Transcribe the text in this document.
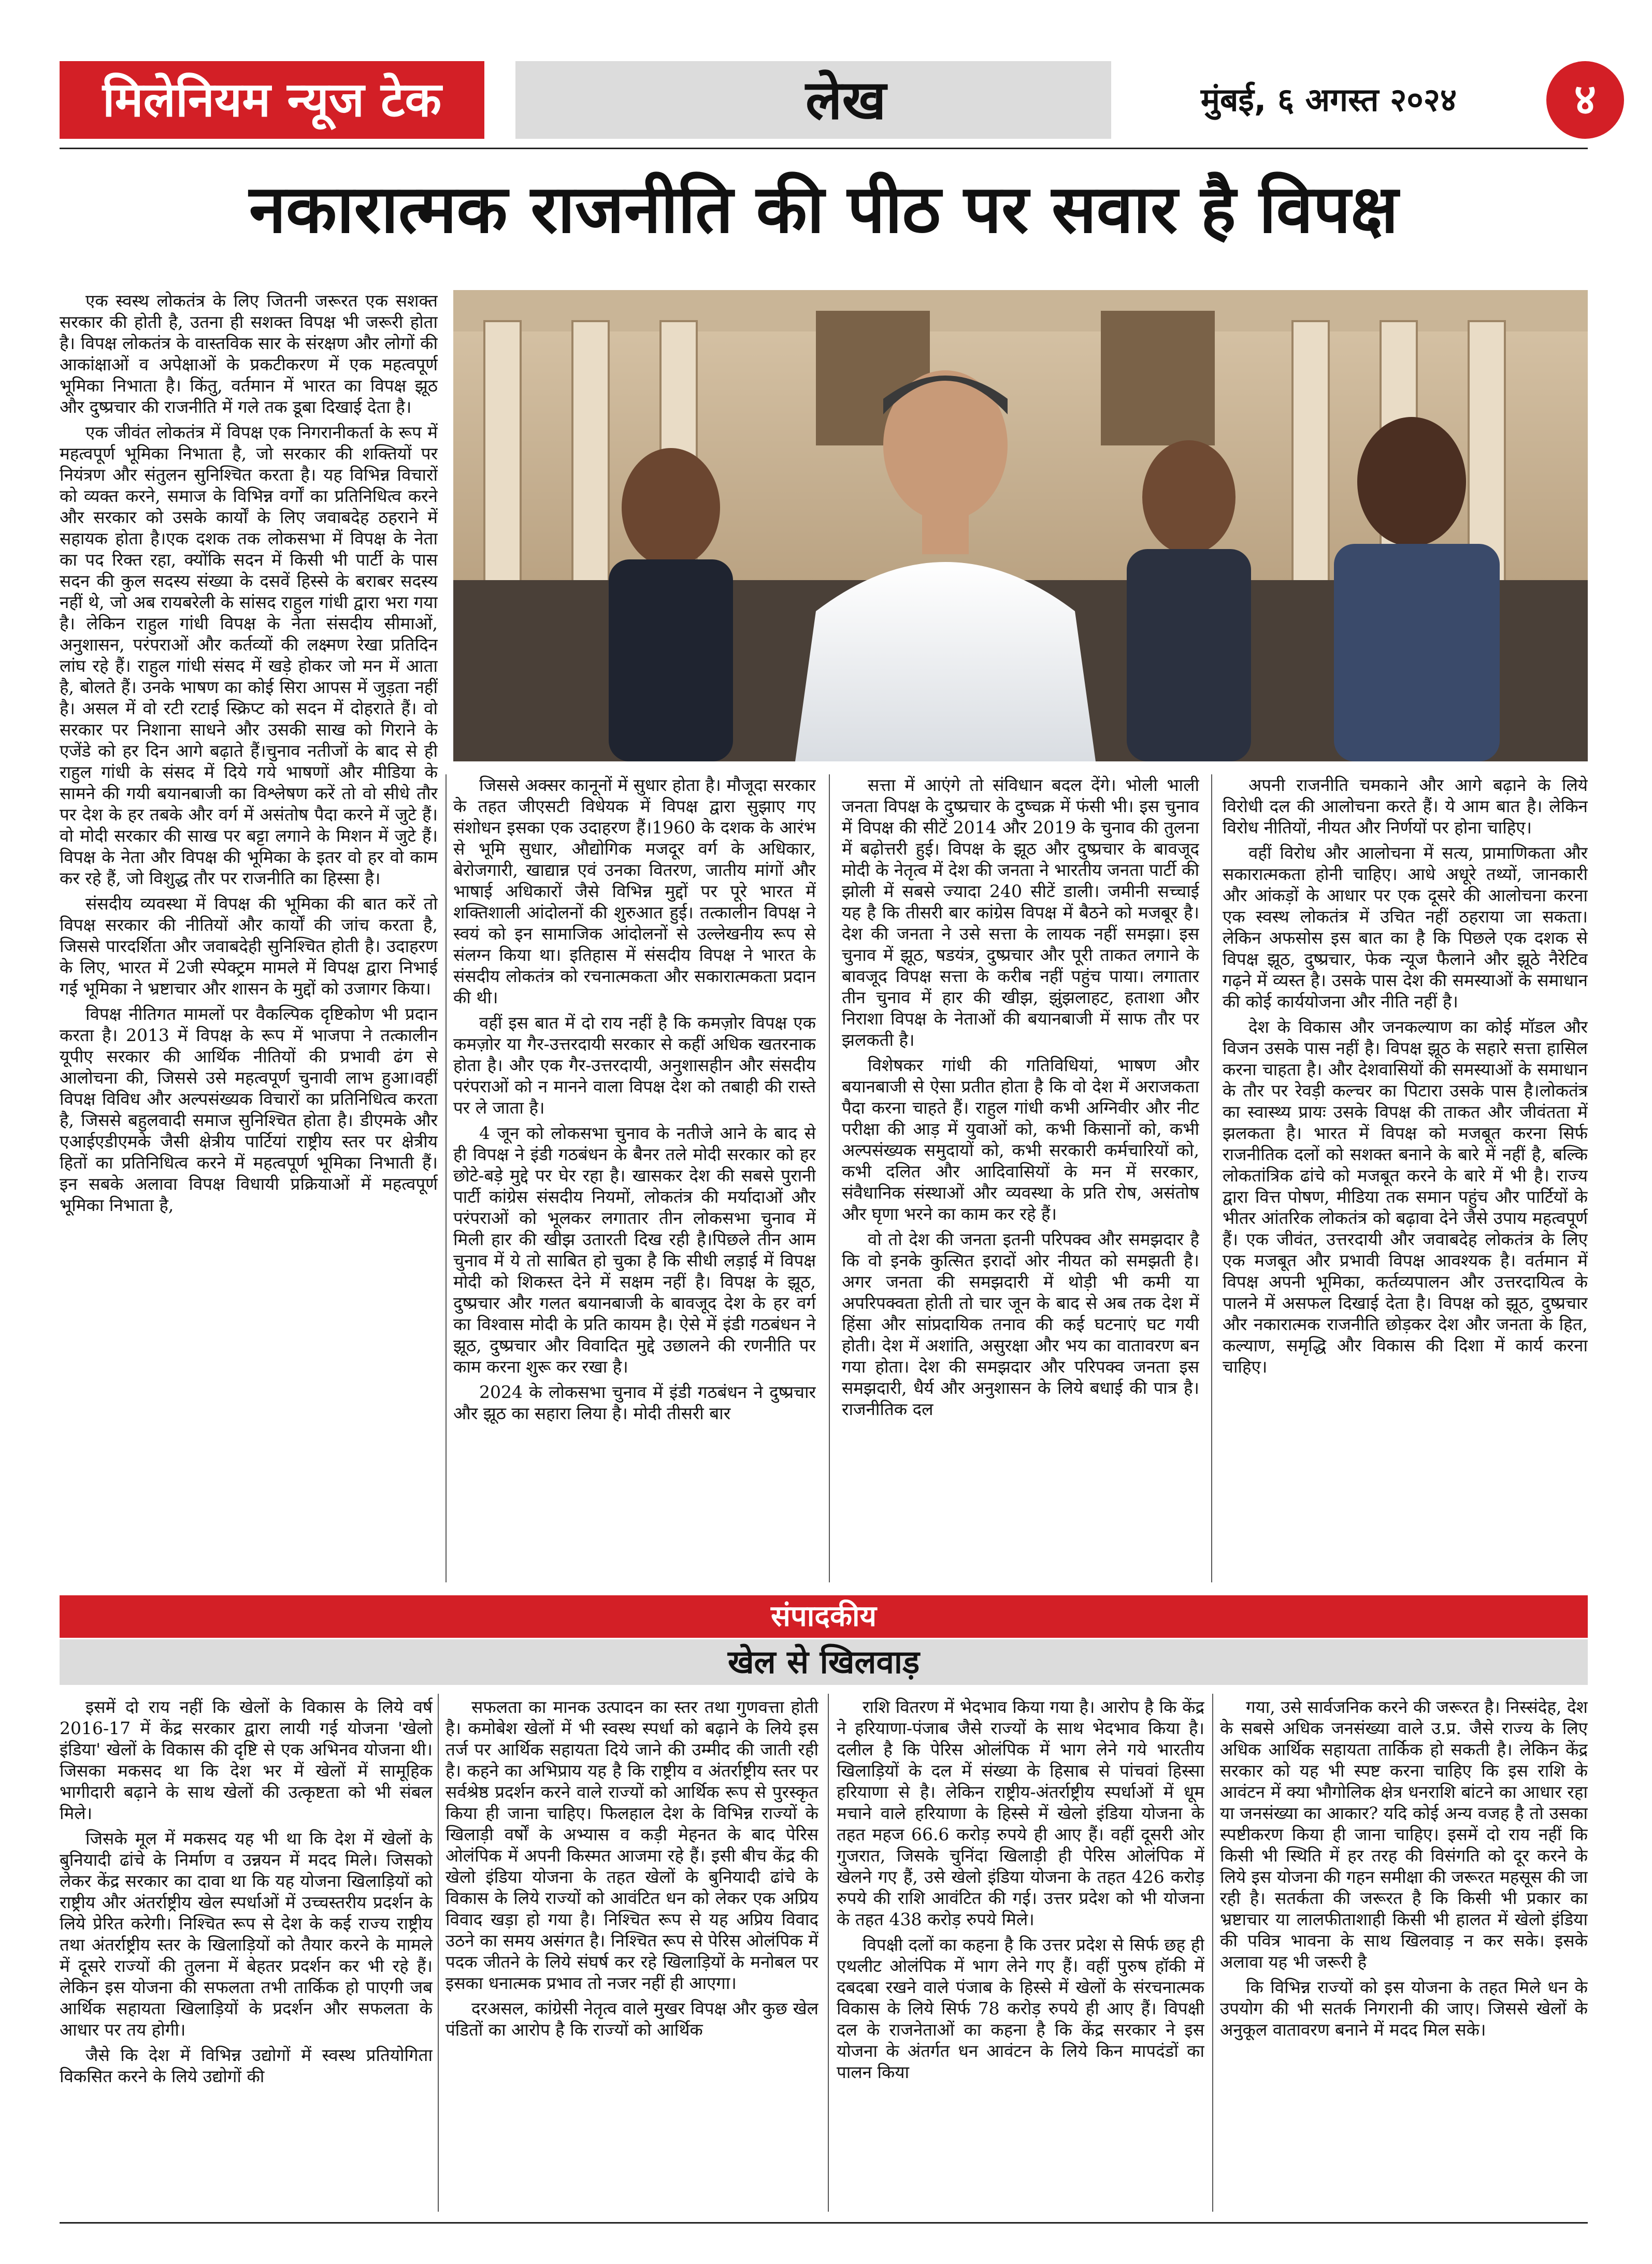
मिलेनियम न्यूज टेक	लेख	मुंबई, ६ अगस्त २०२४	४
नकारात्मक राजनीति की पीठ पर सवार है विपक्ष

एक स्वस्थ लोकतंत्र के लिए जितनी जरूरत एक सशक्त सरकार की होती है, उतना ही सशक्त विपक्ष भी जरूरी होता है। विपक्ष लोकतंत्र के वास्तविक सार के संरक्षण और लोगों की आकांक्षाओं व अपेक्षाओं के प्रकटीकरण में एक महत्वपूर्ण भूमिका निभाता है। किंतु, वर्तमान में भारत का विपक्ष झूठ और दुष्प्रचार की राजनीति में गले तक डूबा दिखाई देता है।

एक जीवंत लोकतंत्र में विपक्ष एक निगरानीकर्ता के रूप में महत्वपूर्ण भूमिका निभाता है, जो सरकार की शक्तियों पर नियंत्रण और संतुलन सुनिश्चित करता है। यह विभिन्न विचारों को व्यक्त करने, समाज के विभिन्न वर्गों का प्रतिनिधित्व करने और सरकार को उसके कार्यों के लिए जवाबदेह ठहराने में सहायक होता है।एक दशक तक लोकसभा में विपक्ष के नेता का पद रिक्त रहा, क्योंकि सदन में किसी भी पार्टी के पास सदन की कुल सदस्य संख्या के दसवें हिस्से के बराबर सदस्य नहीं थे, जो अब रायबरेली के सांसद राहुल गांधी द्वारा भरा गया है। लेकिन राहुल गांधी विपक्ष के नेता संसदीय सीमाओं, अनुशासन, परंपराओं और कर्तव्यों की लक्ष्मण रेखा प्रतिदिन लांघ रहे हैं। राहुल गांधी संसद में खड़े होकर जो मन में आता है, बोलते हैं। उनके भाषण का कोई सिरा आपस में जुड़ता नहीं है। असल में वो रटी रटाई स्क्रिप्ट को सदन में दोहराते हैं। वो सरकार पर निशाना साधने और उसकी साख को गिराने के एजेंडे को हर दिन आगे बढ़ाते हैं।चुनाव नतीजों के बाद से ही राहुल गांधी के संसद में दिये गये भाषणों और मीडिया के सामने की गयी बयानबाजी का विश्लेषण करें तो वो सीधे तौर पर देश के हर तबके और वर्ग में असंतोष पैदा करने में जुटे हैं। वो मोदी सरकार की साख पर बट्टा लगाने के मिशन में जुटे हैं। विपक्ष के नेता और विपक्ष की भूमिका के इतर वो हर वो काम कर रहे हैं, जो विशुद्ध तौर पर राजनीति का हिस्सा है।

संसदीय व्यवस्था में विपक्ष की भूमिका की बात करें तो विपक्ष सरकार की नीतियों और कार्यों की जांच करता है, जिससे पारदर्शिता और जवाबदेही सुनिश्चित होती है। उदाहरण के लिए, भारत में 2जी स्पेक्ट्रम मामले में विपक्ष द्वारा निभाई गई भूमिका ने भ्रष्टाचार और शासन के मुद्दों को उजागर किया।

विपक्ष नीतिगत मामलों पर वैकल्पिक दृष्टिकोण भी प्रदान करता है। 2013 में विपक्ष के रूप में भाजपा ने तत्कालीन यूपीए सरकार की आर्थिक नीतियों की प्रभावी ढंग से आलोचना की, जिससे उसे महत्वपूर्ण चुनावी लाभ हुआ।वहीं विपक्ष विविध और अल्पसंख्यक विचारों का प्रतिनिधित्व करता है, जिससे बहुलवादी समाज सुनिश्चित होता है। डीएमके और एआईएडीएमके जैसी क्षेत्रीय पार्टियां राष्ट्रीय स्तर पर क्षेत्रीय हितों का प्रतिनिधित्व करने में महत्वपूर्ण भूमिका निभाती हैं। इन सबके अलावा विपक्ष विधायी प्रक्रियाओं में महत्वपूर्ण भूमिका निभाता है,

जिससे अक्सर कानूनों में सुधार होता है। मौजूदा सरकार के तहत जीएसटी विधेयक में विपक्ष द्वारा सुझाए गए संशोधन इसका एक उदाहरण हैं।1960 के दशक के आरंभ से भूमि सुधार, औद्योगिक मजदूर वर्ग के अधिकार, बेरोजगारी, खाद्यान्न एवं उनका वितरण, जातीय मांगों और भाषाई अधिकारों जैसे विभिन्न मुद्दों पर पूरे भारत में शक्तिशाली आंदोलनों की शुरुआत हुई। तत्कालीन विपक्ष ने स्वयं को इन सामाजिक आंदोलनों से उल्लेखनीय रूप से संलग्न किया था। इतिहास में संसदीय विपक्ष ने भारत के संसदीय लोकतंत्र को रचनात्मकता और सकारात्मकता प्रदान की थी।

वहीं इस बात में दो राय नहीं है कि कमज़ोर विपक्ष एक कमज़ोर या गैर-उत्तरदायी सरकार से कहीं अधिक खतरनाक होता है। और एक गैर-उत्तरदायी, अनुशासहीन और संसदीय परंपराओं को न मानने वाला विपक्ष देश को तबाही की रास्ते पर ले जाता है।

4 जून को लोकसभा चुनाव के नतीजे आने के बाद से ही विपक्ष ने इंडी गठबंधन के बैनर तले मोदी सरकार को हर छोटे-बड़े मुद्दे पर घेर रहा है। खासकर देश की सबसे पुरानी पार्टी कांग्रेस संसदीय नियमों, लोकतंत्र की मर्यादाओं और परंपराओं को भूलकर लगातार तीन लोकसभा चुनाव में मिली हार की खीझ उतारती दिख रही है।पिछले तीन आम चुनाव में ये तो साबित हो चुका है कि सीधी लड़ाई में विपक्ष मोदी को शिकस्त देने में सक्षम नहीं है। विपक्ष के झूठ, दुष्प्रचार और गलत बयानबाजी के बावजूद देश के हर वर्ग का विश्वास मोदी के प्रति कायम है। ऐसे में इंडी गठबंधन ने झूठ, दुष्प्रचार और विवादित मुद्दे उछालने की रणनीति पर काम करना शुरू कर रखा है।

2024 के लोकसभा चुनाव में इंडी गठबंधन ने दुष्प्रचार और झूठ का सहारा लिया है। मोदी तीसरी बार

सत्ता में आएंगे तो संविधान बदल देंगे। भोली भाली जनता विपक्ष के दुष्प्रचार के दुष्चक्र में फंसी भी। इस चुनाव में विपक्ष की सीटें 2014 और 2019 के चुनाव की तुलना में बढ़ोत्तरी हुई। विपक्ष के झूठ और दुष्प्रचार के बावजूद मोदी के नेतृत्व में देश की जनता ने भारतीय जनता पार्टी की झोली में सबसे ज्यादा 240 सीटें डाली। जमीनी सच्चाई यह है कि तीसरी बार कांग्रेस विपक्ष में बैठने को मजबूर है। देश की जनता ने उसे सत्ता के लायक नहीं समझा। इस चुनाव में झूठ, षडयंत्र, दुष्प्रचार और पूरी ताकत लगाने के बावजूद विपक्ष सत्ता के करीब नहीं पहुंच पाया। लगातार तीन चुनाव में हार की खीझ, झुंझलाहट, हताशा और निराशा विपक्ष के नेताओं की बयानबाजी में साफ तौर पर झलकती है।

विशेषकर गांधी की गतिविधियां, भाषण और बयानबाजी से ऐसा प्रतीत होता है कि वो देश में अराजकता पैदा करना चाहते हैं। राहुल गांधी कभी अग्निवीर और नीट परीक्षा की आड़ में युवाओं को, कभी किसानों को, कभी अल्पसंख्यक समुदायों को, कभी सरकारी कर्मचारियों को, कभी दलित और आदिवासियों के मन में सरकार, संवैधानिक संस्थाओं और व्यवस्था के प्रति रोष, असंतोष और घृणा भरने का काम कर रहे हैं।

वो तो देश की जनता इतनी परिपक्व और समझदार है कि वो इनके कुत्सित इरादों ओर नीयत को समझती है। अगर जनता की समझदारी में थोड़ी भी कमी या अपरिपक्वता होती तो चार जून के बाद से अब तक देश में हिंसा और सांप्रदायिक तनाव की कई घटनाएं घट गयी होती। देश में अशांति, असुरक्षा और भय का वातावरण बन गया होता। देश की समझदार और परिपक्व जनता इस समझदारी, धैर्य और अनुशासन के लिये बधाई की पात्र है।राजनीतिक दल

अपनी राजनीति चमकाने और आगे बढ़ाने के लिये विरोधी दल की आलोचना करते हैं। ये आम बात है। लेकिन विरोध नीतियों, नीयत और निर्णयों पर होना चाहिए।

वहीं विरोध और आलोचना में सत्य, प्रामाणिकता और सकारात्मकता होनी चाहिए। आधे अधूरे तथ्यों, जानकारी और आंकड़ों के आधार पर एक दूसरे की आलोचना करना एक स्वस्थ लोकतंत्र में उचित नहीं ठहराया जा सकता। लेकिन अफसोस इस बात का है कि पिछले एक दशक से विपक्ष झूठ, दुष्प्रचार, फेक न्यूज फैलाने और झूठे नैरेटिव गढ़ने में व्यस्त है। उसके पास देश की समस्याओं के समाधान की कोई कार्ययोजना और नीति नहीं है।

देश के विकास और जनकल्याण का कोई मॉडल और विजन उसके पास नहीं है। विपक्ष झूठ के सहारे सत्ता हासिल करना चाहता है। और देशवासियों की समस्याओं के समाधान के तौर पर रेवड़ी कल्चर का पिटारा उसके पास है।लोकतंत्र का स्वास्थ्य प्रायः उसके विपक्ष की ताकत और जीवंतता में झलकता है। भारत में विपक्ष को मजबूत करना सिर्फ राजनीतिक दलों को सशक्त बनाने के बारे में नहीं है, बल्कि लोकतांत्रिक ढांचे को मजबूत करने के बारे में भी है। राज्य द्वारा वित्त पोषण, मीडिया तक समान पहुंच और पार्टियों के भीतर आंतरिक लोकतंत्र को बढ़ावा देने जैसे उपाय महत्वपूर्ण हैं। एक जीवंत, उत्तरदायी और जवाबदेह लोकतंत्र के लिए एक मजबूत और प्रभावी विपक्ष आवश्यक है। वर्तमान में विपक्ष अपनी भूमिका, कर्तव्यपालन और उत्तरदायित्व के पालने में असफल दिखाई देता है। विपक्ष को झूठ, दुष्प्रचार और नकारात्मक राजनीति छोड़कर देश और जनता के हित, कल्याण, समृद्धि और विकास की दिशा में कार्य करना चाहिए।

संपादकीय
खेल से खिलवाड़

इसमें दो राय नहीं कि खेलों के विकास के लिये वर्ष 2016-17 में केंद्र सरकार द्वारा लायी गई योजना 'खेलो इंडिया' खेलों के विकास की दृष्टि से एक अभिनव योजना थी। जिसका मकसद था कि देश भर में खेलों में सामूहिक भागीदारी बढ़ाने के साथ खेलों की उत्कृष्टता को भी संबल मिले।

जिसके मूल में मकसद यह भी था कि देश में खेलों के बुनियादी ढांचे के निर्माण व उन्नयन में मदद मिले। जिसको लेकर केंद्र सरकार का दावा था कि यह योजना खिलाड़ियों को राष्ट्रीय और अंतर्राष्ट्रीय खेल स्पर्धाओं में उच्चस्तरीय प्रदर्शन के लिये प्रेरित करेगी। निश्चित रूप से देश के कई राज्य राष्ट्रीय तथा अंतर्राष्ट्रीय स्तर के खिलाड़ियों को तैयार करने के मामले में दूसरे राज्यों की तुलना में बेहतर प्रदर्शन कर भी रहे हैं। लेकिन इस योजना की सफलता तभी तार्किक हो पाएगी जब आर्थिक सहायता खिलाड़ियों के प्रदर्शन और सफलता के आधार पर तय होगी।

जैसे कि देश में विभिन्न उद्योगों में स्वस्थ प्रतियोगिता विकसित करने के लिये उद्योगों की

सफलता का मानक उत्पादन का स्तर तथा गुणवत्ता होती है। कमोबेश खेलों में भी स्वस्थ स्पर्धा को बढ़ाने के लिये इस तर्ज पर आर्थिक सहायता दिये जाने की उम्मीद की जाती रही है। कहने का अभिप्राय यह है कि राष्ट्रीय व अंतर्राष्ट्रीय स्तर पर सर्वश्रेष्ठ प्रदर्शन करने वाले राज्यों को आर्थिक रूप से पुरस्कृत किया ही जाना चाहिए। फिलहाल देश के विभिन्न राज्यों के खिलाड़ी वर्षों के अभ्यास व कड़ी मेहनत के बाद पेरिस ओलंपिक में अपनी किस्मत आजमा रहे हैं। इसी बीच केंद्र की खेलो इंडिया योजना के तहत खेलों के बुनियादी ढांचे के विकास के लिये राज्यों को आवंटित धन को लेकर एक अप्रिय विवाद खड़ा हो गया है। निश्चित रूप से यह अप्रिय विवाद उठने का समय असंगत है। निश्चित रूप से पेरिस ओलंपिक में पदक जीतने के लिये संघर्ष कर रहे खिलाड़ियों के मनोबल पर इसका धनात्मक प्रभाव तो नजर नहीं ही आएगा।

दरअसल, कांग्रेसी नेतृत्व वाले मुखर विपक्ष और कुछ खेल पंडितों का आरोप है कि राज्यों को आर्थिक

राशि वितरण में भेदभाव किया गया है। आरोप है कि केंद्र ने हरियाणा-पंजाब जैसे राज्यों के साथ भेदभाव किया है। दलील है कि पेरिस ओलंपिक में भाग लेने गये भारतीय खिलाड़ियों के दल में संख्या के हिसाब से पांचवां हिस्सा हरियाणा से है। लेकिन राष्ट्रीय-अंतर्राष्ट्रीय स्पर्धाओं में धूम मचाने वाले हरियाणा के हिस्से में खेलो इंडिया योजना के तहत महज 66.6 करोड़ रुपये ही आए हैं। वहीं दूसरी ओर गुजरात, जिसके चुनिंदा खिलाड़ी ही पेरिस ओलंपिक में खेलने गए हैं, उसे खेलो इंडिया योजना के तहत 426 करोड़ रुपये की राशि आवंटित की गई। उत्तर प्रदेश को भी योजना के तहत 438 करोड़ रुपये मिले।

विपक्षी दलों का कहना है कि उत्तर प्रदेश से सिर्फ छह ही एथलीट ओलंपिक में भाग लेने गए हैं। वहीं पुरुष हॉकी में दबदबा रखने वाले पंजाब के हिस्से में खेलों के संरचनात्मक विकास के लिये सिर्फ 78 करोड़ रुपये ही आए हैं। विपक्षी दल के राजनेताओं का कहना है कि केंद्र सरकार ने इस योजना के अंतर्गत धन आवंटन के लिये किन मापदंडों का पालन किया

गया, उसे सार्वजनिक करने की जरूरत है। निस्संदेह, देश के सबसे अधिक जनसंख्या वाले उ.प्र. जैसे राज्य के लिए अधिक आर्थिक सहायता तार्किक हो सकती है। लेकिन केंद्र सरकार को यह भी स्पष्ट करना चाहिए कि इस राशि के आवंटन में क्या भौगोलिक क्षेत्र धनराशि बांटने का आधार रहा या जनसंख्या का आकार? यदि कोई अन्य वजह है तो उसका स्पष्टीकरण किया ही जाना चाहिए। इसमें दो राय नहीं कि किसी भी स्थिति में हर तरह की विसंगति को दूर करने के लिये इस योजना की गहन समीक्षा की जरूरत महसूस की जा रही है। सतर्कता की जरूरत है कि किसी भी प्रकार का भ्रष्टाचार या लालफीताशाही किसी भी हालत में खेलो इंडिया की पवित्र भावना के साथ खिलवाड़ न कर सके। इसके अलावा यह भी जरूरी है

कि विभिन्न राज्यों को इस योजना के तहत मिले धन के उपयोग की भी सतर्क निगरानी की जाए। जिससे खेलों के अनुकूल वातावरण बनाने में मदद मिल सके।
